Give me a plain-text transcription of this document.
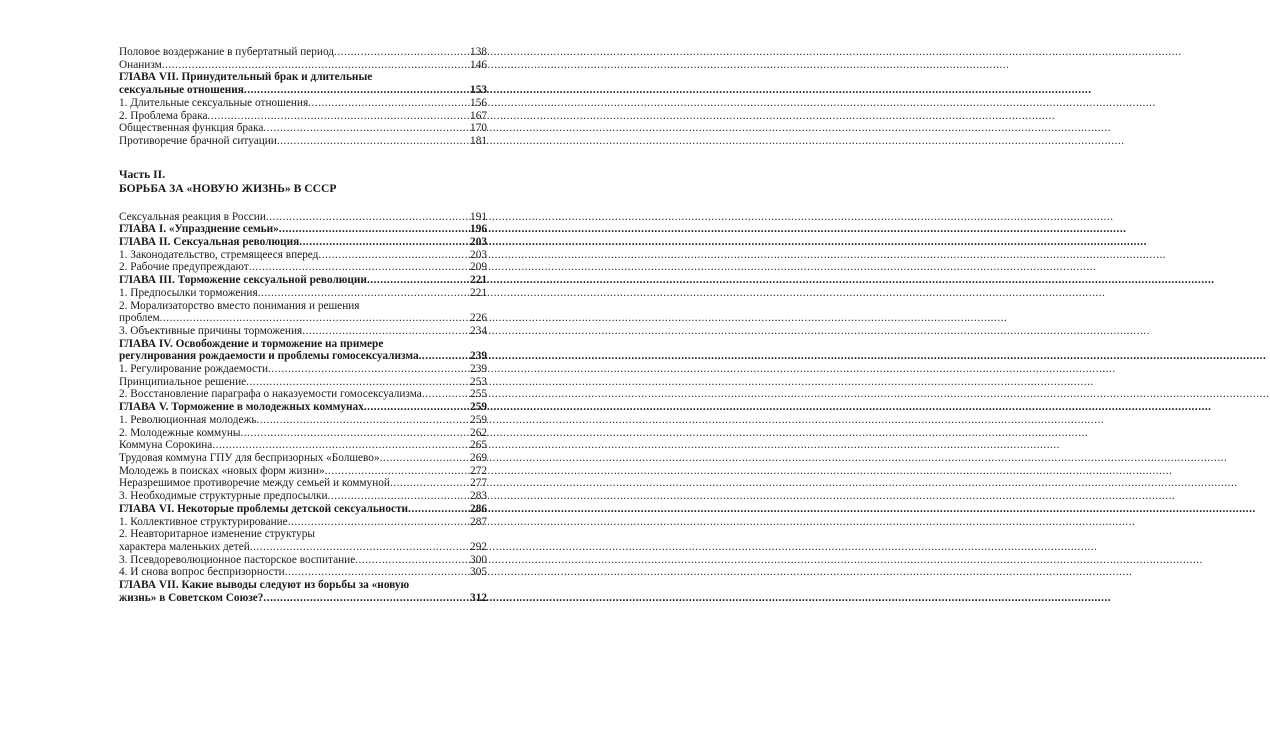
Половое воздержание в пубертатный период .....	138
Онанизм .....	146
ГЛАВА VII. Принудительный брак и длительные
сексуальные отношения .....	153
1. Длительные сексуальные отношения .....	156
2. Проблема брака .....	167
Общественная функция брака .....	170
Противоречие брачной ситуации .....	181
Часть II.
БОРЬБА ЗА «НОВУЮ ЖИЗНЬ» В СССР
Сексуальная реакция в России .....	191
ГЛАВА I. «Упразднение семьи» .....	196
ГЛАВА II. Сексуальная революция .....	203
1. Законодательство, стремящееся вперед .....	203
2. Рабочие предупреждают .....	209
ГЛАВА III. Торможение сексуальной революции .....	221
1. Предпосылки торможения .....	221
2. Морализаторство вместо понимания и решения
проблем .....	226
3. Объективные причины торможения .....	234
ГЛАВА IV. Освобождение и торможение на примере
регулирования рождаемости и проблемы гомосексуализма .....	239
1. Регулирование рождаемости .....	239
Принципиальное решение .....	253
2. Восстановление параграфа о наказуемости гомосексуализма .....	255
ГЛАВА V. Торможение в молодежных коммунах .....	259
1. Революционная молодежь .....	259
2. Молодежные коммуны .....	262
Коммуна Сорокина .....	265
Трудовая коммуна ГПУ для беспризорных «Болшево» .....	269
Молодежь в поисках «новых форм жизни» .....	272
Неразрешимое противоречие между семьей и коммуной .....	277
3. Необходимые структурные предпосылки .....	283
ГЛАВА VI. Некоторые проблемы детской сексуальности .....	286
1. Коллективное структурирование .....	287
2. Неавторитарное изменение структуры
характера маленьких детей .....	292
3. Псевдореволюционное пасторское воспитание .....	300
4. И снова вопрос беспризорности .....	305
ГЛАВА VII. Какие выводы следуют из борьбы за «новую
жизнь» в Советском Союзе? .....	312
